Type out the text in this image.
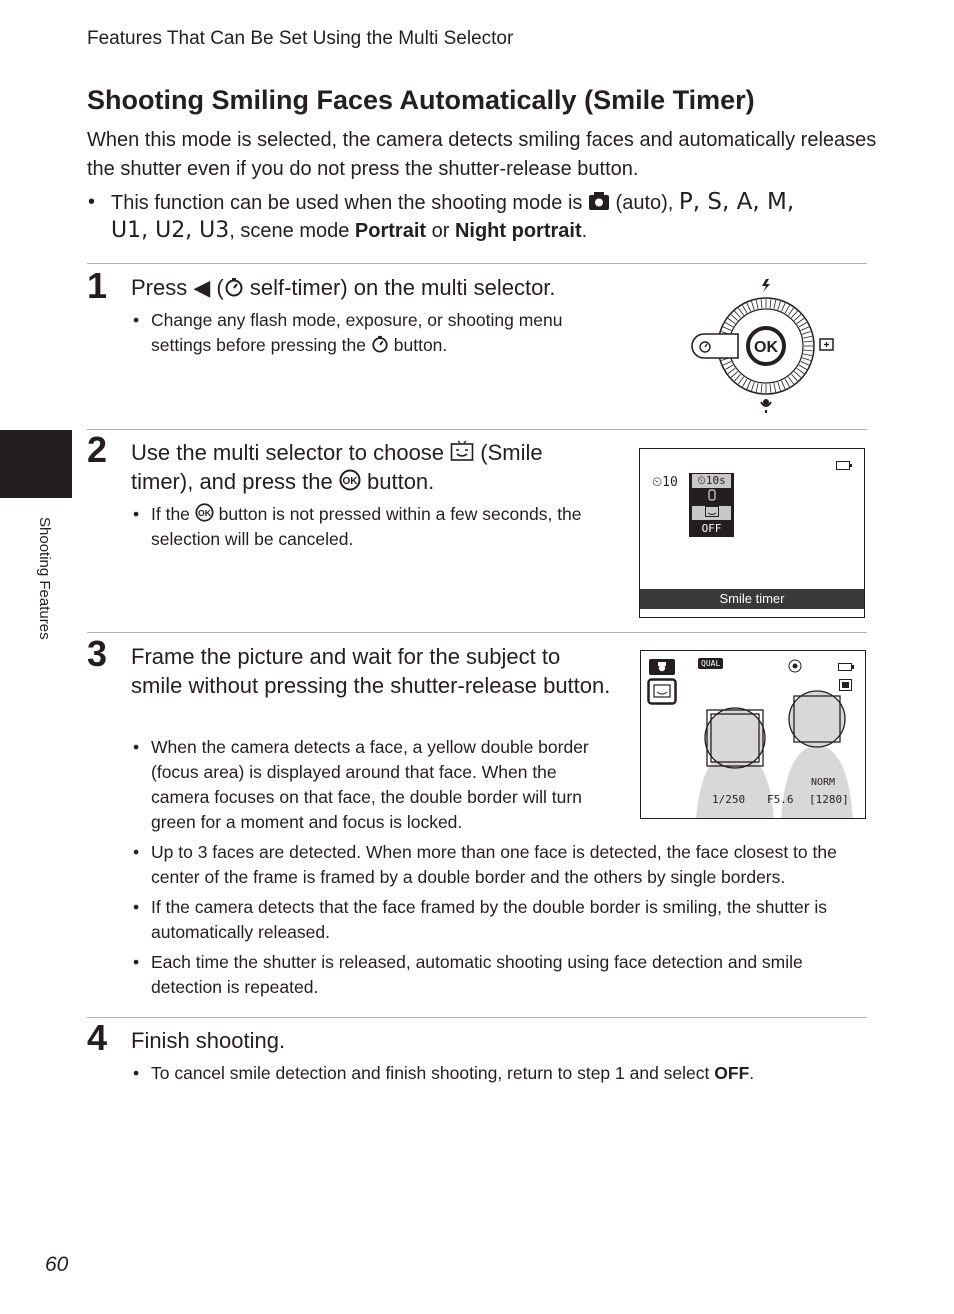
Features That Can Be Set Using the Multi Selector
Shooting Smiling Faces Automatically (Smile Timer)
When this mode is selected, the camera detects smiling faces and automatically releases the shutter even if you do not press the shutter-release button.
• This function can be used when the shooting mode is (auto), P, S, A, M,
U1, U2, U3, scene mode Portrait or Night portrait.
1 Press ◀ ( self-timer) on the multi selector.
• Change any flash mode, exposure, or shooting menu settings before pressing the button.	OK
2 Use the multi selector to choose (Smile timer), and press the OK button.
• If the OK button is not pressed within a few seconds, the selection will be canceled.
⏲10	⏲10s
OFF
Smile timer
3 Frame the picture and wait for the subject to smile without pressing the shutter-release button.
• When the camera detects a face, a yellow double border (focus area) is displayed around that face. When the camera focuses on that face, the double border will turn green for a moment and focus is locked.
• Up to 3 faces are detected. When more than one face is detected, the face closest to the center of the frame is framed by a double border and the others by single borders.
• If the camera detects that the face framed by the double border is smiling, the shutter is automatically released.
• Each time the shutter is released, automatic shooting using face detection and smile detection is repeated.
QUAL
1/250 F5.6
NORM
[1280]
4 Finish shooting.
• To cancel smile detection and finish shooting, return to step 1 and select OFF.
Shooting Features
60
